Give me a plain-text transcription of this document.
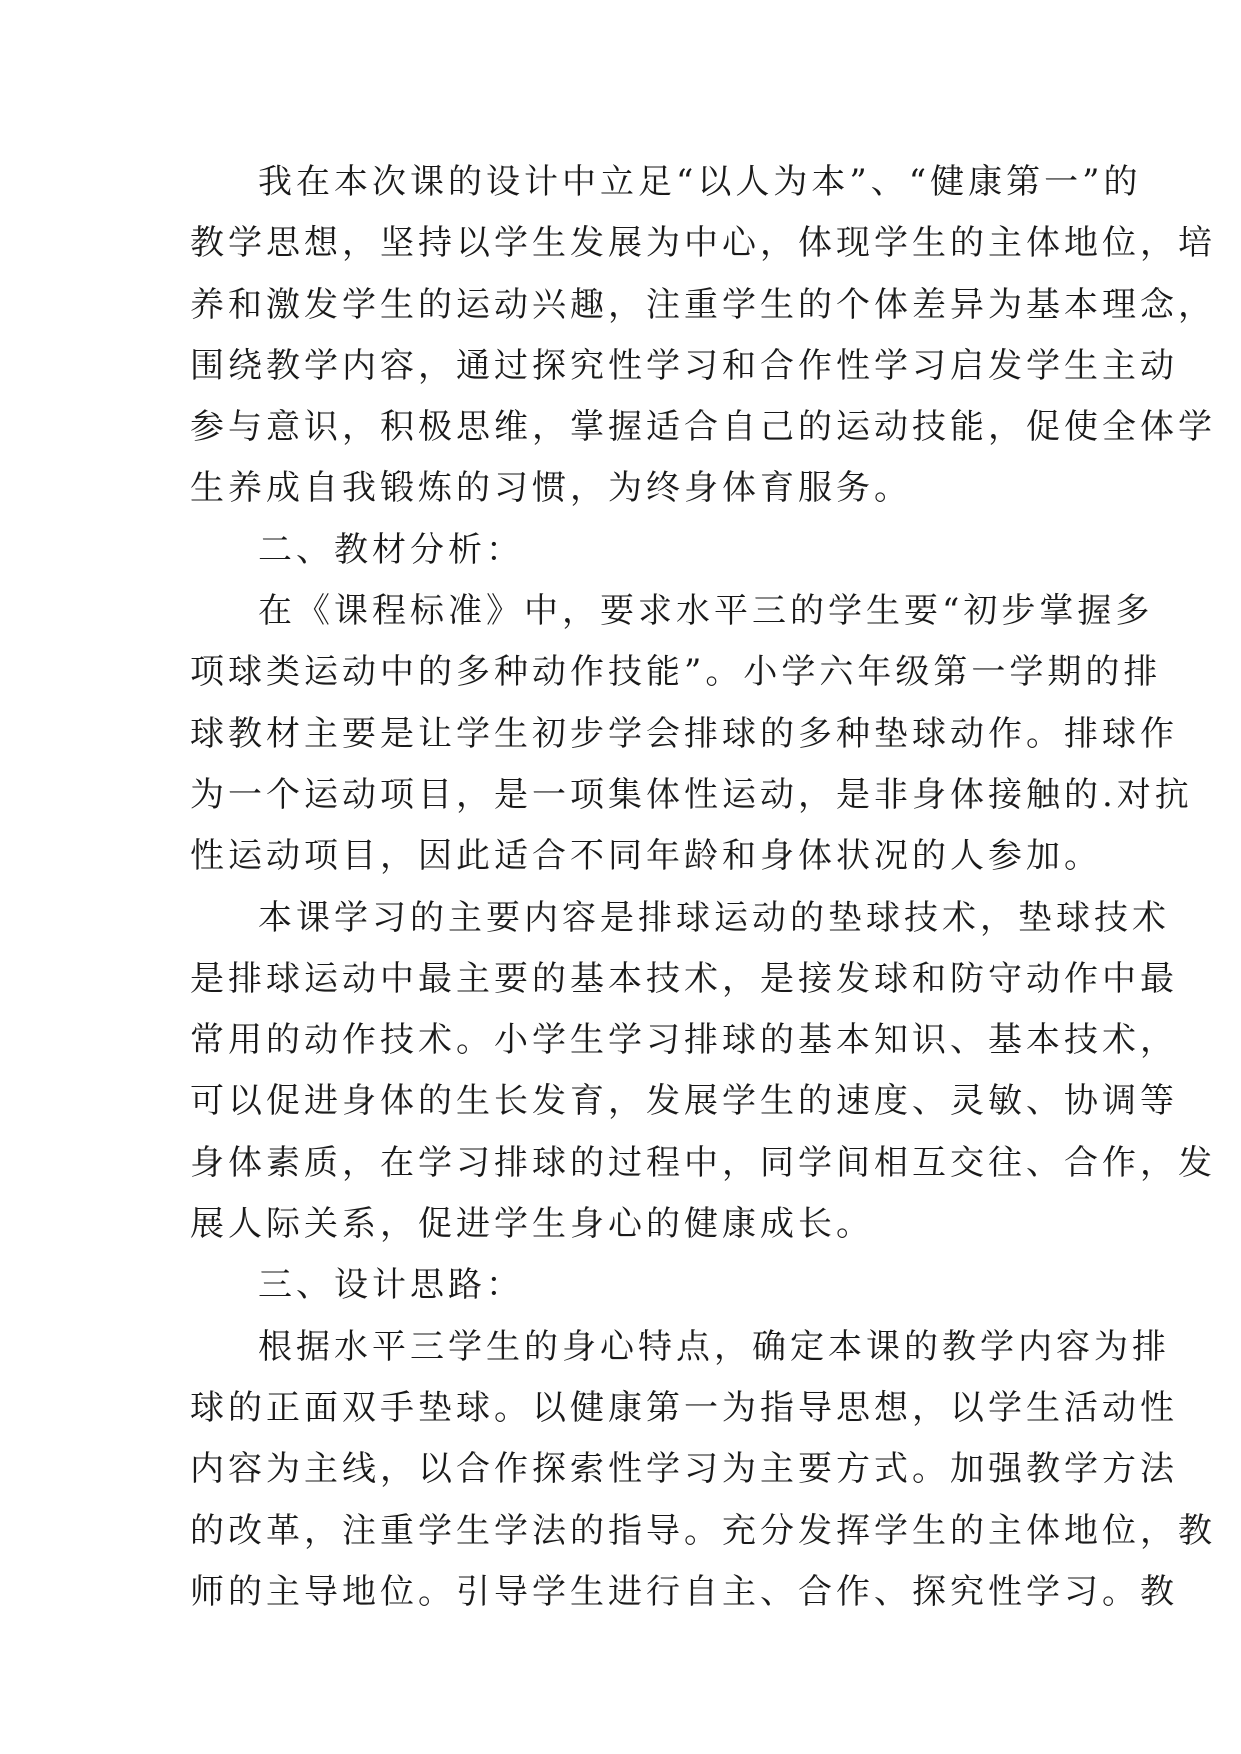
我在本次课的设计中立足“以人为本”、“健康第一”的
教学思想，坚持以学生发展为中心，体现学生的主体地位，培
养和激发学生的运动兴趣，注重学生的个体差异为基本理念，
围绕教学内容，通过探究性学习和合作性学习启发学生主动
参与意识，积极思维，掌握适合自己的运动技能，促使全体学
生养成自我锻炼的习惯，为终身体育服务。
二、教材分析：
在《课程标准》中，要求水平三的学生要“初步掌握多
项球类运动中的多种动作技能”。小学六年级第一学期的排
球教材主要是让学生初步学会排球的多种垫球动作。排球作
为一个运动项目，是一项集体性运动，是非身体接触的.对抗
性运动项目，因此适合不同年龄和身体状况的人参加。
本课学习的主要内容是排球运动的垫球技术，垫球技术
是排球运动中最主要的基本技术，是接发球和防守动作中最
常用的动作技术。小学生学习排球的基本知识、基本技术，
可以促进身体的生长发育，发展学生的速度、灵敏、协调等
身体素质，在学习排球的过程中，同学间相互交往、合作，发
展人际关系，促进学生身心的健康成长。
三、设计思路：
根据水平三学生的身心特点，确定本课的教学内容为排
球的正面双手垫球。以健康第一为指导思想，以学生活动性
内容为主线，以合作探索性学习为主要方式。加强教学方法
的改革，注重学生学法的指导。充分发挥学生的主体地位，教
师的主导地位。引导学生进行自主、合作、探究性学习。教
